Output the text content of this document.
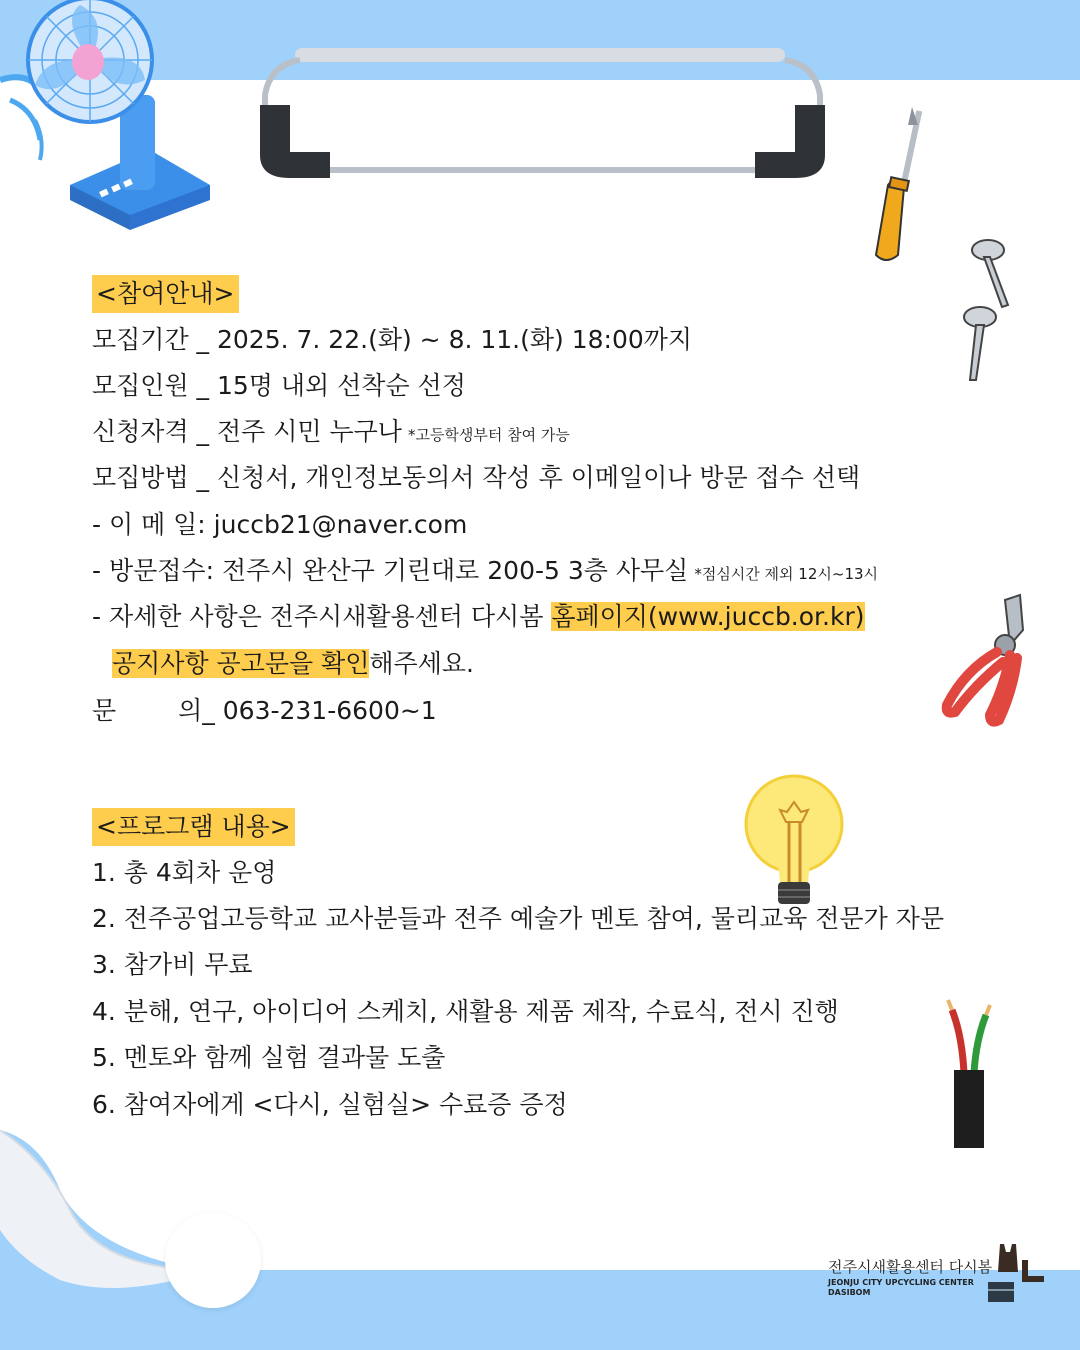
<참여안내>
모집기간 _ 2025. 7. 22.(화) ~ 8. 11.(화) 18:00까지
모집인원 _ 15명 내외 선착순 선정
신청자격 _ 전주 시민 누구나 *고등학생부터 참여 가능
모집방법 _ 신청서, 개인정보동의서 작성 후 이메일이나 방문 접수 선택
- 이 메 일: juccb21@naver.com
- 방문접수: 전주시 완산구 기린대로 200-5 3층 사무실 *점심시간 제외 12시~13시
- 자세한 사항은 전주시새활용센터 다시봄 홈페이지(www.juccb.or.kr)
공지사항 공고문을 확인해주세요.
문 의_ 063-231-6600~1
<프로그램 내용>
1. 총 4회차 운영
2. 전주공업고등학교 교사분들과 전주 예술가 멘토 참여, 물리교육 전문가 자문
3. 참가비 무료
4. 분해, 연구, 아이디어 스케치, 새활용 제품 제작, 수료식, 전시 진행
5. 멘토와 함께 실험 결과물 도출
6. 참여자에게 <다시, 실험실> 수료증 증정
전주시새활용센터 다시봄
JEONJU CITY UPCYCLING CENTER
DASIBOM
